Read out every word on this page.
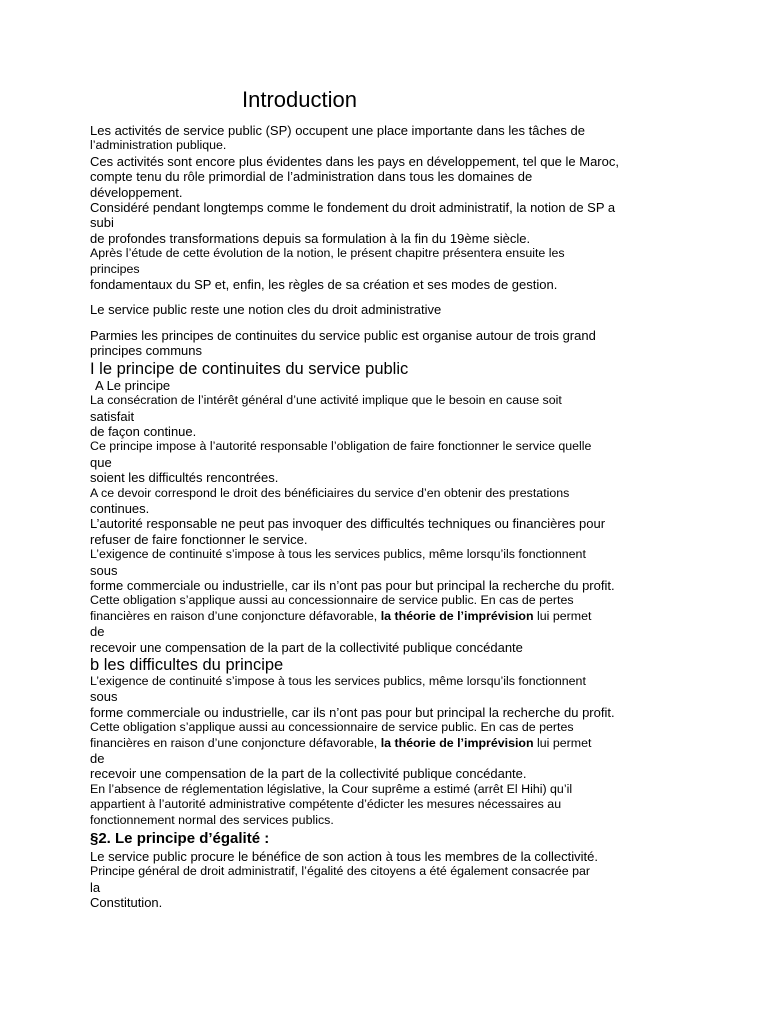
Introduction

Les activités de service public (SP) occupent une place importante dans les tâches de

l’administration publique.

Ces activités sont encore plus évidentes dans les pays en développement, tel que le Maroc,

compte tenu du rôle primordial de l’administration dans tous les domaines de

développement.

Considéré pendant longtemps comme le fondement du droit administratif, la notion de SP a

subi

de profondes transformations depuis sa formulation à la fin du 19ème siècle.

Après l’étude de cette évolution de la notion, le présent chapitre présentera ensuite les

principes

fondamentaux du SP et, enfin, les règles de sa création et ses modes de gestion.

Le service public reste une notion cles du droit administrative

Parmies les principes de continuites du service public est organise autour de trois grand

principes communs

I le principe de continuites du service public

A Le principe

La consécration de l’intérêt général d’une activité implique que le besoin en cause soit

satisfait

de façon continue.

Ce principe impose à l’autorité responsable l’obligation de faire fonctionner le service quelle

que

soient les difficultés rencontrées.

A ce devoir correspond le droit des bénéficiaires du service d’en obtenir des prestations

continues.

L’autorité responsable ne peut pas invoquer des difficultés techniques ou financières pour

refuser de faire fonctionner le service.

L’exigence de continuité s’impose à tous les services publics, même lorsqu’ils fonctionnent

sous

forme commerciale ou industrielle, car ils n’ont pas pour but principal la recherche du profit.

Cette obligation s’applique aussi au concessionnaire de service public. En cas de pertes

financières en raison d’une conjoncture défavorable, la théorie de l’imprévision lui permet

de

recevoir une compensation de la part de la collectivité publique concédante

b les difficultes du principe

L’exigence de continuité s’impose à tous les services publics, même lorsqu’ils fonctionnent

sous

forme commerciale ou industrielle, car ils n’ont pas pour but principal la recherche du profit.

Cette obligation s’applique aussi au concessionnaire de service public. En cas de pertes

financières en raison d’une conjoncture défavorable, la théorie de l’imprévision lui permet

de

recevoir une compensation de la part de la collectivité publique concédante.

En l’absence de réglementation législative, la Cour suprême a estimé (arrêt El Hihi) qu’il

appartient à l’autorité administrative compétente d’édicter les mesures nécessaires au

fonctionnement normal des services publics.

§2. Le principe d’égalité :

Le service public procure le bénéfice de son action à tous les membres de la collectivité.

Principe général de droit administratif, l’égalité des citoyens a été également consacrée par

la

Constitution.
